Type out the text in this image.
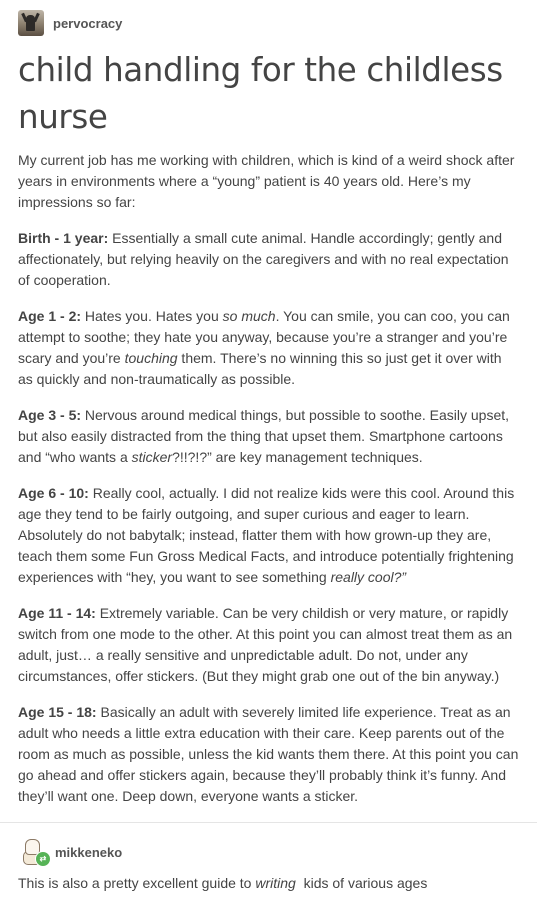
pervocracy
child handling for the childless nurse

My current job has me working with children, which is kind of a weird shock after years in environments where a “young” patient is 40 years old. Here’s my impressions so far:

Birth - 1 year: Essentially a small cute animal. Handle accordingly; gently and affectionately, but relying heavily on the caregivers and with no real expectation of cooperation.

Age 1 - 2: Hates you. Hates you so much. You can smile, you can coo, you can attempt to soothe; they hate you anyway, because you’re a stranger and you’re scary and you’re touching them. There’s no winning this so just get it over with as quickly and non-traumatically as possible.

Age 3 - 5: Nervous around medical things, but possible to soothe. Easily upset, but also easily distracted from the thing that upset them. Smartphone cartoons and “who wants a sticker?!!?!?” are key management techniques.

Age 6 - 10: Really cool, actually. I did not realize kids were this cool. Around this age they tend to be fairly outgoing, and super curious and eager to learn. Absolutely do not babytalk; instead, flatter them with how grown-up they are, teach them some Fun Gross Medical Facts, and introduce potentially frightening experiences with “hey, you want to see something really cool?”

Age 11 - 14: Extremely variable. Can be very childish or very mature, or rapidly switch from one mode to the other. At this point you can almost treat them as an adult, just… a really sensitive and unpredictable adult. Do not, under any circumstances, offer stickers. (But they might grab one out of the bin anyway.)

Age 15 - 18: Basically an adult with severely limited life experience. Treat as an adult who needs a little extra education with their care. Keep parents out of the room as much as possible, unless the kid wants them there. At this point you can go ahead and offer stickers again, because they’ll probably think it’s funny. And they’ll want one. Deep down, everyone wants a sticker.

⇄ mikkeneko
This is also a pretty excellent guide to writing  kids of various ages
